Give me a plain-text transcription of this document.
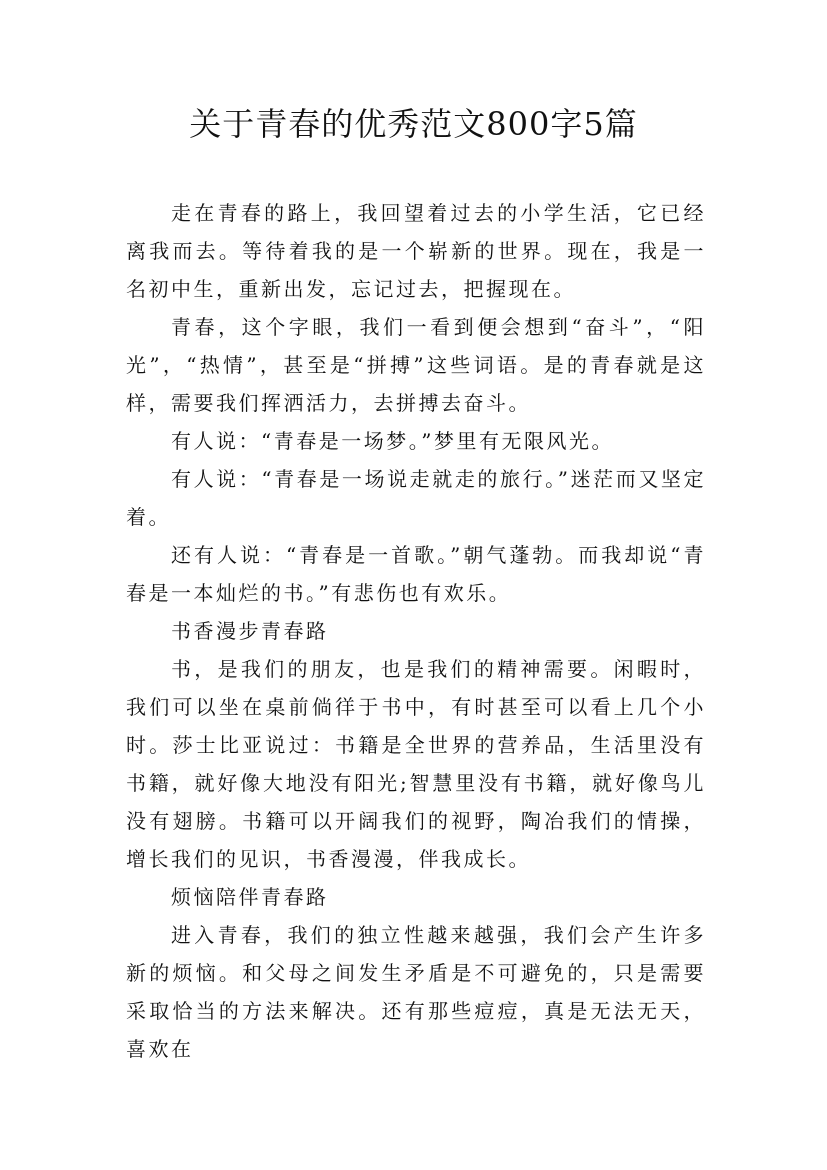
关于青春的优秀范文800字5篇

走在青春的路上，我回望着过去的小学生活，它已经离我而去。等待着我的是一个崭新的世界。现在，我是一名初中生，重新出发，忘记过去，把握现在。

青春，这个字眼，我们一看到便会想到“奋斗”，“阳光”，“热情”，甚至是“拼搏”这些词语。是的青春就是这样，需要我们挥洒活力，去拼搏去奋斗。

有人说：“青春是一场梦。”梦里有无限风光。

有人说：“青春是一场说走就走的旅行。”迷茫而又坚定着。

还有人说：“青春是一首歌。”朝气蓬勃。而我却说“青春是一本灿烂的书。”有悲伤也有欢乐。

书香漫步青春路

书，是我们的朋友，也是我们的精神需要。闲暇时，我们可以坐在桌前倘徉于书中，有时甚至可以看上几个小时。莎士比亚说过：书籍是全世界的营养品，生活里没有书籍，就好像大地没有阳光;智慧里没有书籍，就好像鸟儿没有翅膀。书籍可以开阔我们的视野，陶冶我们的情操，增长我们的见识，书香漫漫，伴我成长。

烦恼陪伴青春路

进入青春，我们的独立性越来越强，我们会产生许多新的烦恼。和父母之间发生矛盾是不可避免的，只是需要采取恰当的方法来解决。还有那些痘痘，真是无法无天，喜欢在
